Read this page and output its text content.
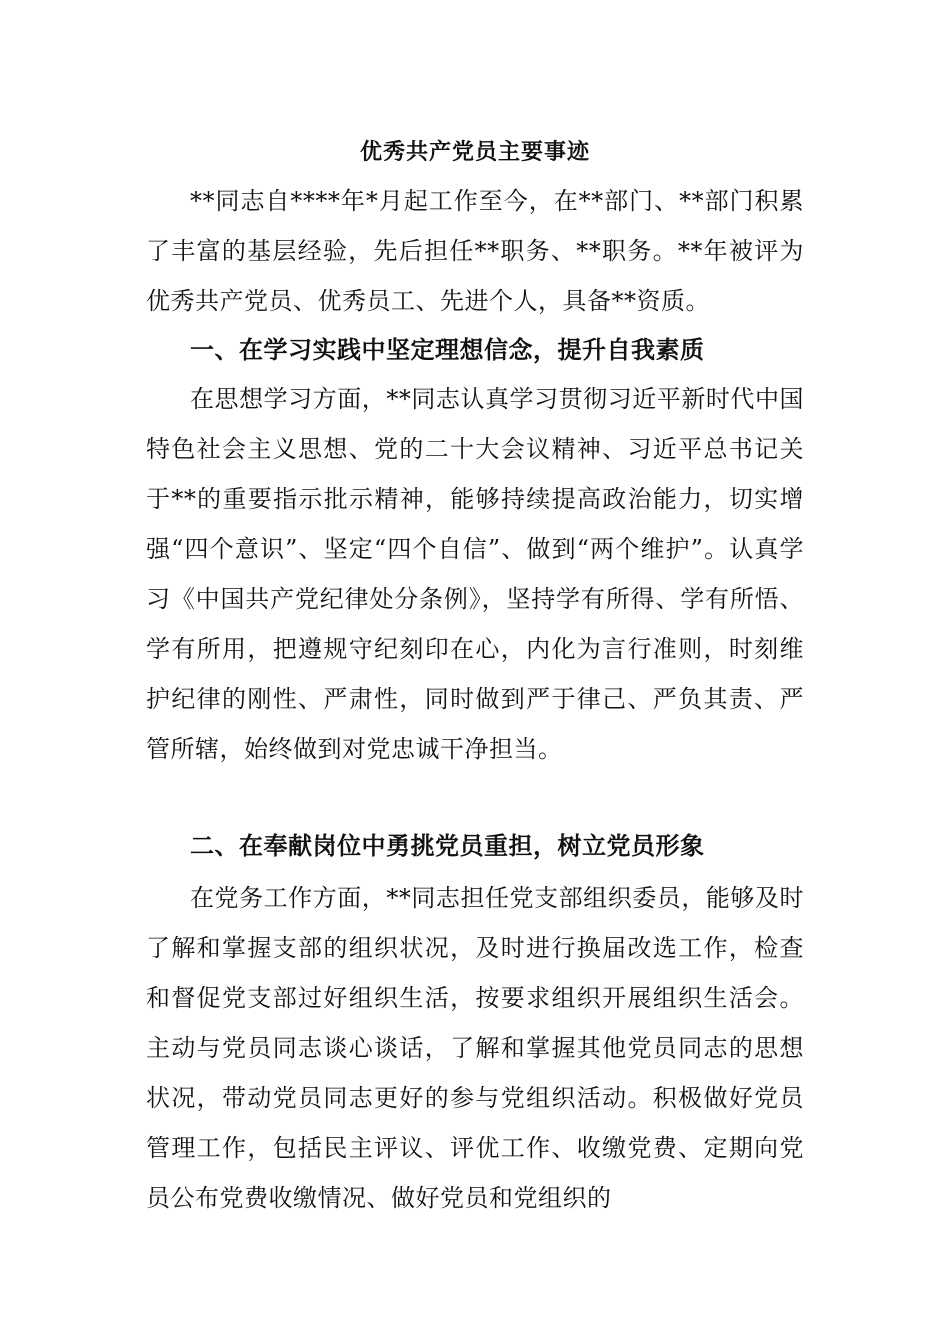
优秀共产党员主要事迹
**同志自****年*月起工作至今，在**部门、**部门积累了丰富的基层经验，先后担任**职务、**职务。**年被评为优秀共产党员、优秀员工、先进个人，具备**资质。
一、在学习实践中坚定理想信念，提升自我素质
在思想学习方面，**同志认真学习贯彻习近平新时代中国特色社会主义思想、党的二十大会议精神、习近平总书记关于**的重要指示批示精神，能够持续提高政治能力，切实增强“四个意识”、坚定“四个自信”、做到“两个维护”。认真学习《中国共产党纪律处分条例》，坚持学有所得、学有所悟、学有所用，把遵规守纪刻印在心，内化为言行准则，时刻维护纪律的刚性、严肃性，同时做到严于律己、严负其责、严管所辖，始终做到对党忠诚干净担当。
二、在奉献岗位中勇挑党员重担，树立党员形象
在党务工作方面，**同志担任党支部组织委员，能够及时了解和掌握支部的组织状况，及时进行换届改选工作，检查和督促党支部过好组织生活，按要求组织开展组织生活会。主动与党员同志谈心谈话，了解和掌握其他党员同志的思想状况，带动党员同志更好的参与党组织活动。积极做好党员管理工作，包括民主评议、评优工作、收缴党费、定期向党员公布党费收缴情况、做好党员和党组织的
